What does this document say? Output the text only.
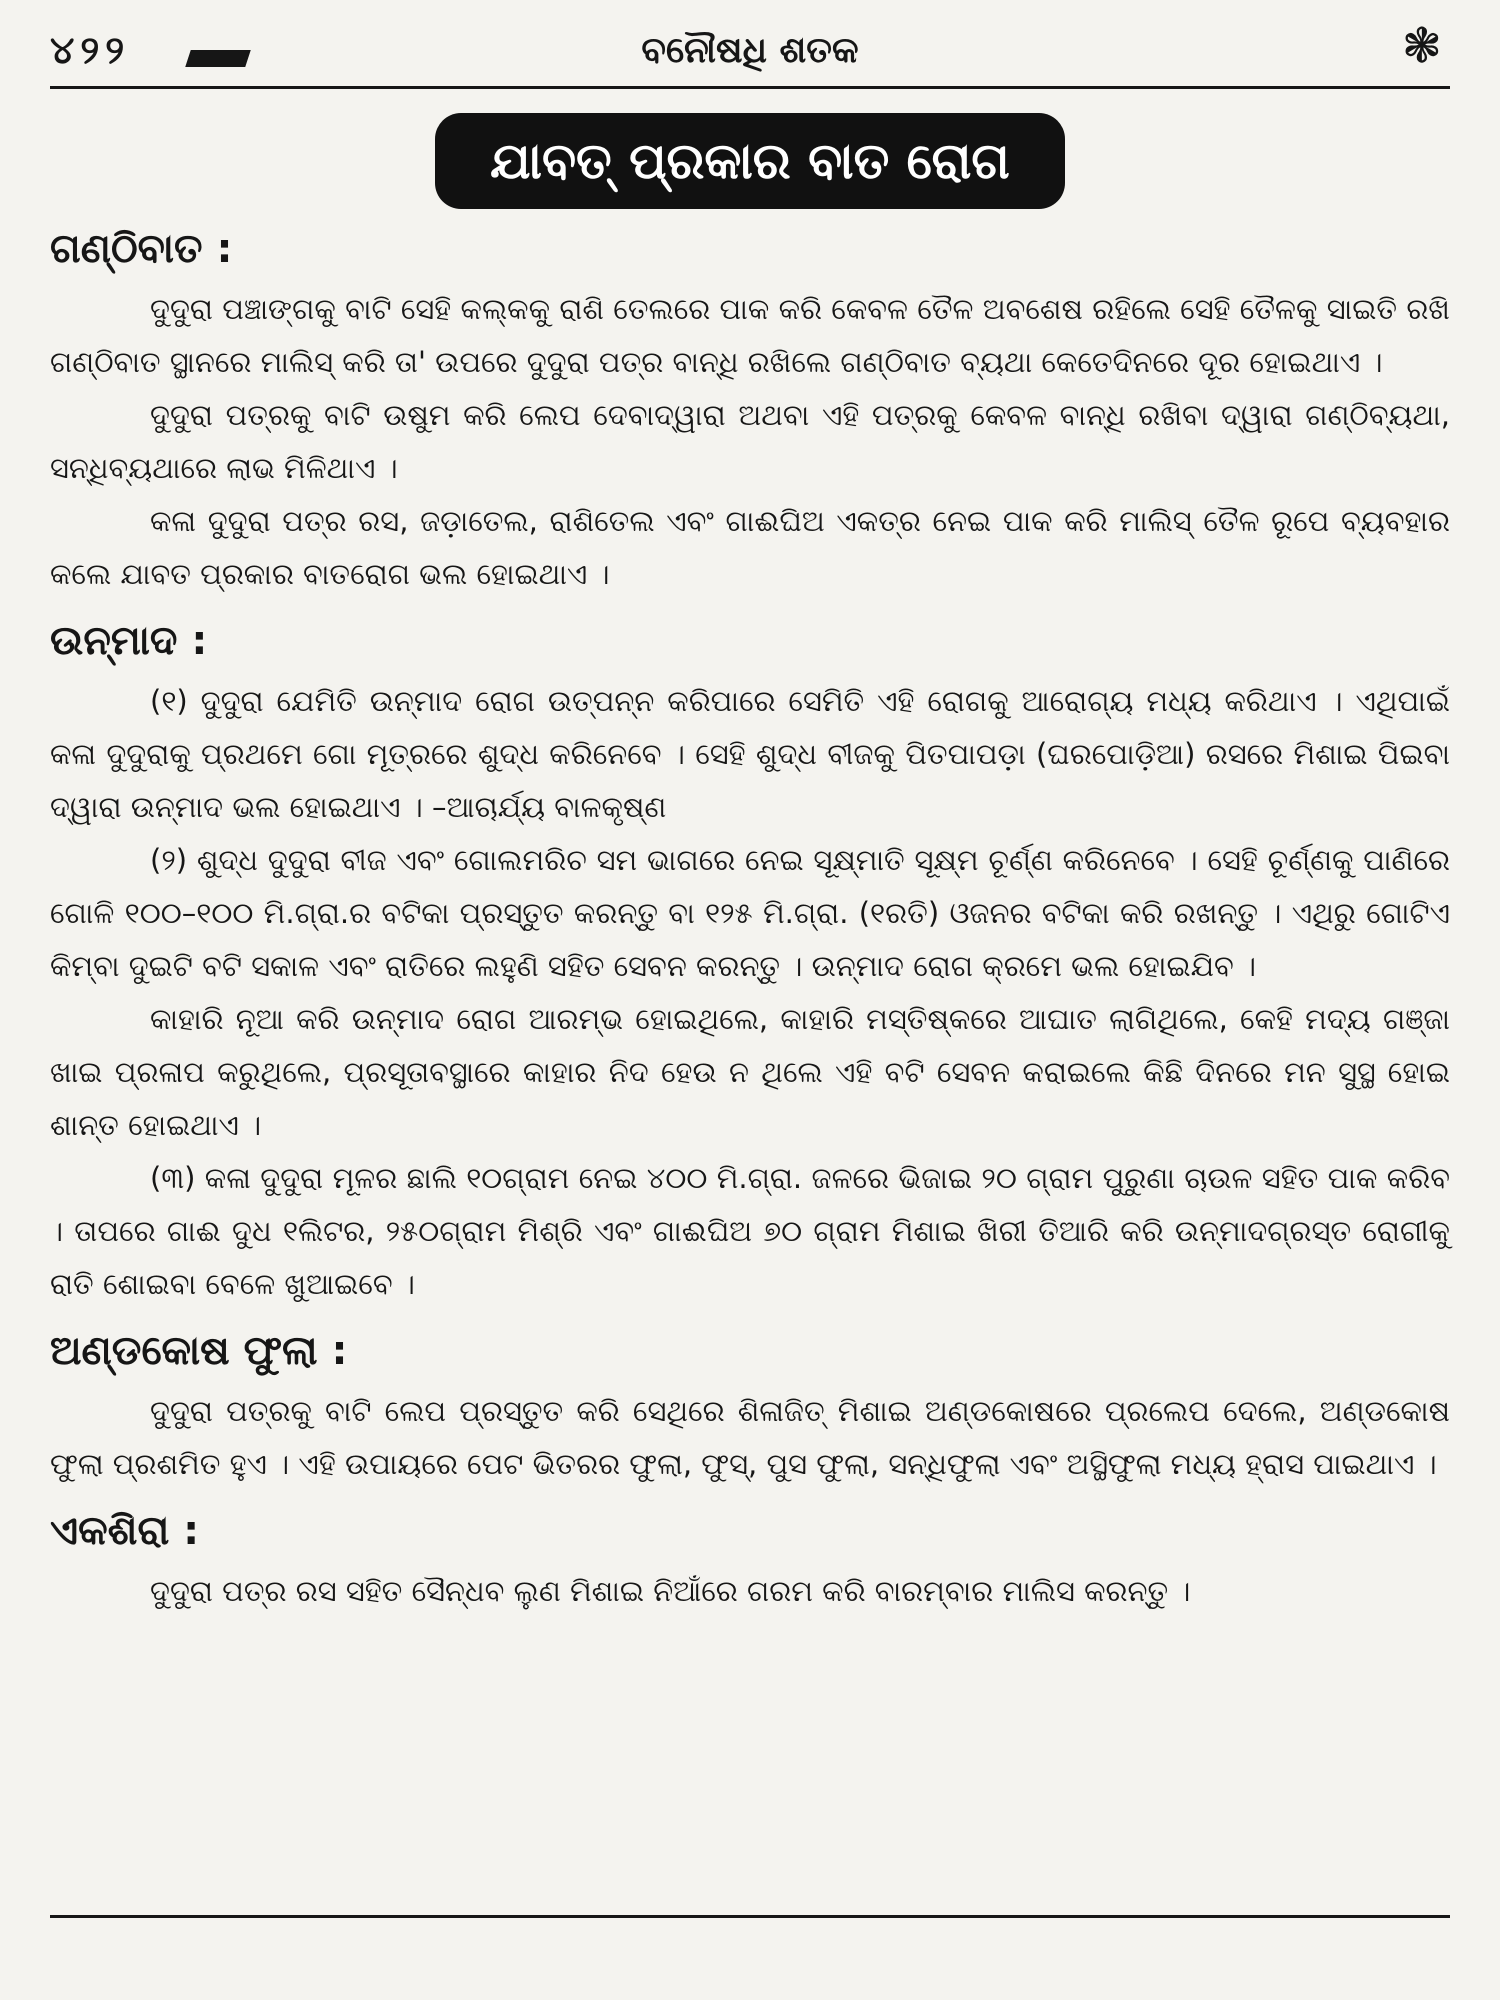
୪୨୨	ବନୌଷଧି ଶତକ	❃
ଯାବତ୍ ପ୍ରକାର ବାତ ରୋଗ
ଗଣ୍ଠିବାତ :

ଦୁଦୁରା ପଞ୍ଚାଙ୍ଗକୁ ବାଟି ସେହି କଲ୍କକୁ ରାଶି ତେଲରେ ପାକ କରି କେବଳ ତୈଳ ଅବଶେଷ ରହିଲେ ସେହି ତୈଳକୁ ସାଇତି ରଖି ଗଣ୍ଠିବାତ ସ୍ଥାନରେ ମାଲିସ୍ କରି ତା' ଉପରେ ଦୁଦୁରା ପତ୍ର ବାନ୍ଧି ରଖିଲେ ଗଣ୍ଠିବାତ ବ୍ୟଥା କେତେଦିନରେ ଦୂର ହୋଇଥାଏ ।

ଦୁଦୁରା ପତ୍ରକୁ ବାଟି ଉଷୁମ କରି ଲେପ ଦେବାଦ୍ୱାରା ଅଥବା ଏହି ପତ୍ରକୁ କେବଳ ବାନ୍ଧି ରଖିବା ଦ୍ୱାରା ଗଣ୍ଠିବ୍ୟଥା, ସନ୍ଧିବ୍ୟଥାରେ ଲାଭ ମିଳିଥାଏ ।

କଳା ଦୁଦୁରା ପତ୍ର ରସ, ଜଡ଼ାତେଲ, ରାଶିତେଲ ଏବଂ ଗାଈଘିଅ ଏକତ୍ର ନେଇ ପାକ କରି ମାଲିସ୍ ତୈଳ ରୂପେ ବ୍ୟବହାର କଲେ ଯାବତ ପ୍ରକାର ବାତରୋଗ ଭଲ ହୋଇଥାଏ ।

ଉନ୍ମାଦ :

(୧) ଦୁଦୁରା ଯେମିତି ଉନ୍ମାଦ ରୋଗ ଉତ୍ପନ୍ନ କରିପାରେ ସେମିତି ଏହି ରୋଗକୁ ଆରୋଗ୍ୟ ମଧ୍ୟ କରିଥାଏ । ଏଥିପାଇଁ କଳା ଦୁଦୁରାକୁ ପ୍ରଥମେ ଗୋ ମୂତ୍ରରେ ଶୁଦ୍ଧ କରିନେବେ । ସେହି ଶୁଦ୍ଧ ବୀଜକୁ ପିତପାପଡ଼ା (ଘରପୋଡ଼ିଆ) ରସରେ ମିଶାଇ ପିଇବା ଦ୍ୱାରା ଉନ୍ମାଦ ଭଲ ହୋଇଥାଏ । –ଆଚାର୍ଯ୍ୟ ବାଳକୃଷ୍ଣ

(୨) ଶୁଦ୍ଧ ଦୁଦୁରା ବୀଜ ଏବଂ ଗୋଲମରିଚ ସମ ଭାଗରେ ନେଇ ସୂକ୍ଷ୍ମାତି ସୂକ୍ଷ୍ମ ଚୂର୍ଣ୍ଣ କରିନେବେ । ସେହି ଚୂର୍ଣ୍ଣକୁ ପାଣିରେ ଗୋଳି ୧୦୦–୧୦୦ ମି.ଗ୍ରା.ର ବଟିକା ପ୍ରସ୍ତୁତ କରନ୍ତୁ ବା ୧୨୫ ମି.ଗ୍ରା. (୧ରତି) ଓଜନର ବଟିକା କରି ରଖନ୍ତୁ । ଏଥିରୁ ଗୋଟିଏ କିମ୍ବା ଦୁଇଟି ବଟି ସକାଳ ଏବଂ ରାତିରେ ଲହୁଣି ସହିତ ସେବନ କରନ୍ତୁ । ଉନ୍ମାଦ ରୋଗ କ୍ରମେ ଭଲ ହୋଇଯିବ ।

କାହାରି ନୂଆ କରି ଉନ୍ମାଦ ରୋଗ ଆରମ୍ଭ ହୋଇଥିଲେ, କାହାରି ମସ୍ତିଷ୍କରେ ଆଘାତ ଲାଗିଥିଲେ, କେହି ମଦ୍ୟ ଗଞ୍ଜା ଖାଇ ପ୍ରଳାପ କରୁଥିଲେ, ପ୍ରସୂତାବସ୍ଥାରେ କାହାର ନିଦ ହେଉ ନ ଥିଲେ ଏହି ବଟି ସେବନ କରାଇଲେ କିଛି ଦିନରେ ମନ ସୁସ୍ଥ ହୋଇ ଶାନ୍ତ ହୋଇଥାଏ ।

(୩) କଳା ଦୁଦୁରା ମୂଳର ଛାଲି ୧୦ଗ୍ରାମ ନେଇ ୪୦୦ ମି.ଗ୍ରା. ଜଳରେ ଭିଜାଇ ୨୦ ଗ୍ରାମ ପୁରୁଣା ଚାଉଳ ସହିତ ପାକ କରିବ । ତାପରେ ଗାଈ ଦୁଧ ୧ଲିଟର, ୨୫୦ଗ୍ରାମ ମିଶ୍ରି ଏବଂ ଗାଈଘିଅ ୭୦ ଗ୍ରାମ ମିଶାଇ ଖିରୀ ତିଆରି କରି ଉନ୍ମାଦଗ୍ରସ୍ତ ରୋଗୀକୁ ରାତି ଶୋଇବା ବେଳେ ଖୁଆଇବେ ।

ଅଣ୍ଡକୋଷ ଫୁଲା :

ଦୁଦୁରା ପତ୍ରକୁ ବାଟି ଲେପ ପ୍ରସ୍ତୁତ କରି ସେଥିରେ ଶିଳାଜିତ୍ ମିଶାଇ ଅଣ୍ଡକୋଷରେ ପ୍ରଲେପ ଦେଲେ, ଅଣ୍ଡକୋଷ ଫୁଲା ପ୍ରଶମିତ ହୁଏ । ଏହି ଉପାୟରେ ପେଟ ଭିତରର ଫୁଲା, ଫୁସ୍, ପୁସ ଫୁଲା, ସନ୍ଧିଫୁଲା ଏବଂ ଅସ୍ଥିଫୁଲା ମଧ୍ୟ ହ୍ରାସ ପାଇଥାଏ ।

ଏକଶିରା :

ଦୁଦୁରା ପତ୍ର ରସ ସହିତ ସୈନ୍ଧବ ଲୁଣ ମିଶାଇ ନିଆଁରେ ଗରମ କରି ବାରମ୍ବାର ମାଲିସ କରନ୍ତୁ ।
